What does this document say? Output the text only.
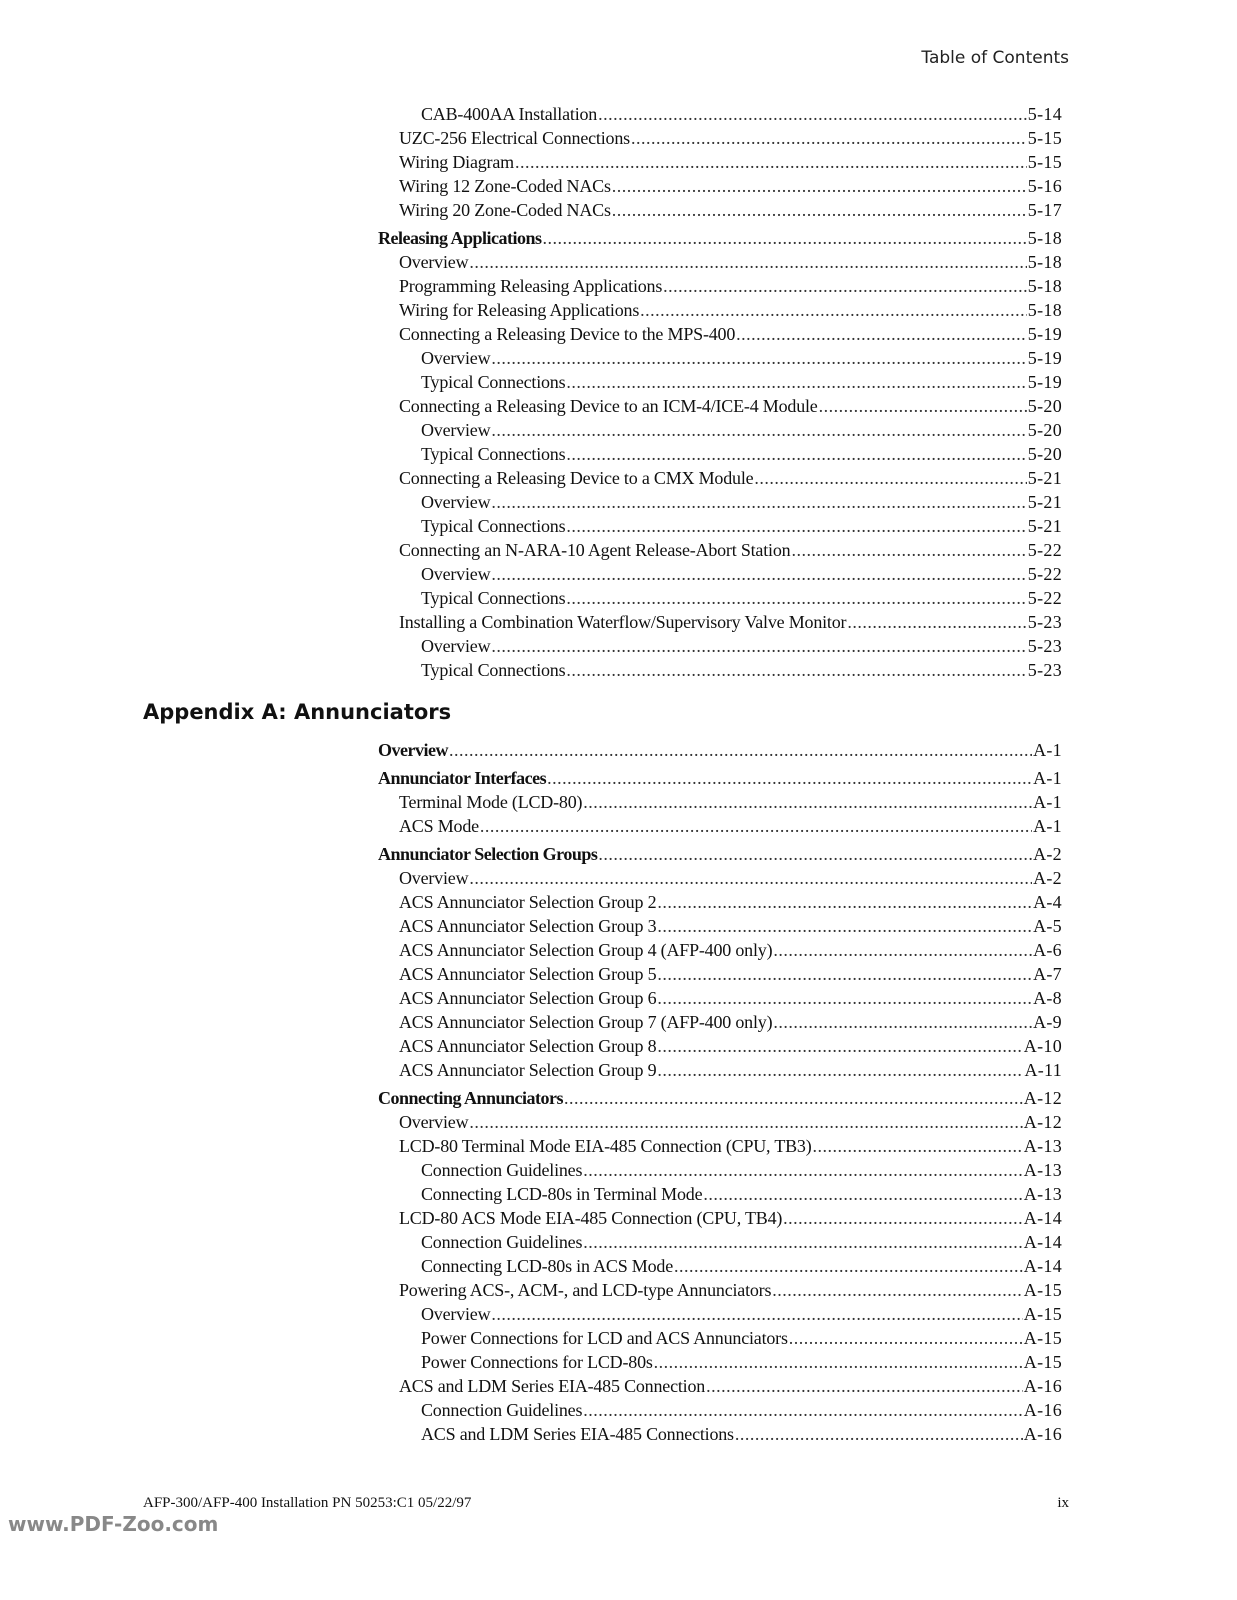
Table of Contents
CAB-400AA Installation .....	5-14
UZC-256 Electrical Connections .....	5-15
Wiring Diagram .....	5-15
Wiring 12 Zone-Coded NACs .....	5-16
Wiring 20 Zone-Coded NACs .....	5-17
Releasing Applications .....	5-18
Overview .....	5-18
Programming Releasing Applications .....	5-18
Wiring for Releasing Applications .....	5-18
Connecting a Releasing Device to the MPS-400 .....	5-19
Overview .....	5-19
Typical Connections .....	5-19
Connecting a Releasing Device to an ICM-4/ICE-4 Module .....	5-20
Overview .....	5-20
Typical Connections .....	5-20
Connecting a Releasing Device to a CMX Module .....	5-21
Overview .....	5-21
Typical Connections .....	5-21
Connecting an N-ARA-10 Agent Release-Abort Station .....	5-22
Overview .....	5-22
Typical Connections .....	5-22
Installing a Combination Waterflow/Supervisory Valve Monitor .....	5-23
Overview .....	5-23
Typical Connections .....	5-23
Appendix A: Annunciators
Overview .....	A-1
Annunciator Interfaces .....	A-1
Terminal Mode (LCD-80) .....	A-1
ACS Mode .....	A-1
Annunciator Selection Groups .....	A-2
Overview .....	A-2
ACS Annunciator Selection Group 2 .....	A-4
ACS Annunciator Selection Group 3 .....	A-5
ACS Annunciator Selection Group 4 (AFP-400 only) .....	A-6
ACS Annunciator Selection Group 5 .....	A-7
ACS Annunciator Selection Group 6 .....	A-8
ACS Annunciator Selection Group 7 (AFP-400 only) .....	A-9
ACS Annunciator Selection Group 8 .....	A-10
ACS Annunciator Selection Group 9 .....	A-11
Connecting Annunciators .....	A-12
Overview .....	A-12
LCD-80 Terminal Mode EIA-485 Connection (CPU, TB3) .....	A-13
Connection Guidelines .....	A-13
Connecting LCD-80s in Terminal Mode .....	A-13
LCD-80 ACS Mode EIA-485 Connection (CPU, TB4) .....	A-14
Connection Guidelines .....	A-14
Connecting LCD-80s in ACS Mode .....	A-14
Powering ACS-, ACM-, and LCD-type Annunciators .....	A-15
Overview .....	A-15
Power Connections for LCD and ACS Annunciators .....	A-15
Power Connections for LCD-80s .....	A-15
ACS and LDM Series EIA-485 Connection .....	A-16
Connection Guidelines .....	A-16
ACS and LDM Series EIA-485 Connections .....	A-16
AFP-300/AFP-400 Installation PN 50253:C1 05/22/97	ix
www.PDF-Zoo.com
